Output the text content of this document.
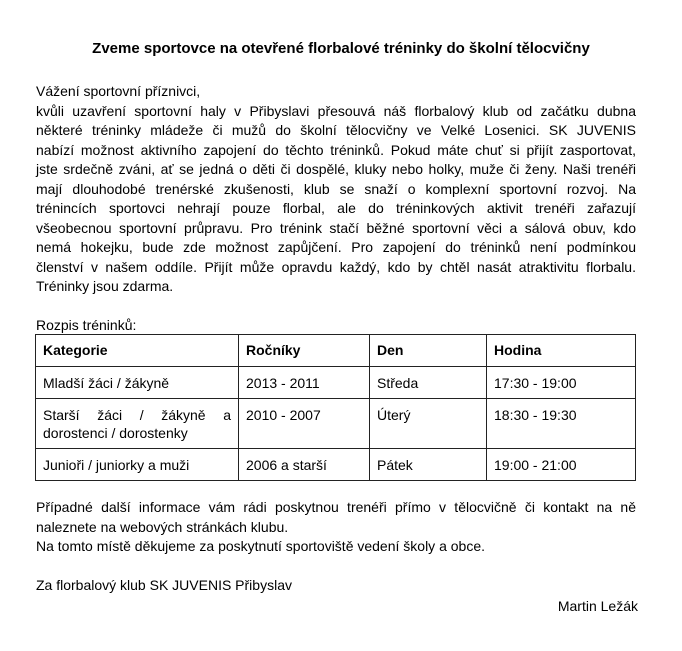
Zveme sportovce na otevřené florbalové tréninky do školní tělocvičny
Vážení sportovní příznivci,
kvůli uzavření sportovní haly v Přibyslavi přesouvá náš florbalový klub od začátku dubna
některé tréninky mládeže či mužů do školní tělocvičny ve Velké Losenici. SK JUVENIS
nabízí možnost aktivního zapojení do těchto tréninků. Pokud máte chuť si přijít zasportovat,
jste srdečně zváni, ať se jedná o děti či dospělé, kluky nebo holky, muže či ženy. Naši trenéři
mají dlouhodobé trenérské zkušenosti, klub se snaží o komplexní sportovní rozvoj. Na
trénincích sportovci nehrají pouze florbal, ale do tréninkových aktivit trenéři zařazují
všeobecnou sportovní průpravu. Pro trénink stačí běžné sportovní věci a sálová obuv, kdo
nemá hokejku, bude zde možnost zapůjčení. Pro zapojení do tréninků není podmínkou
členství v našem oddíle. Přijít může opravdu každý, kdo by chtěl nasát atraktivitu florbalu.
Tréninky jsou zdarma.
Rozpis tréninků:
Kategorie	Ročníky	Den	Hodina
Mladší žáci / žákyně	2013 - 2011	Středa	17:30 - 19:00

Starší žáci / žákyně a
dorostenci / dorostenky	2010 - 2007	Úterý	18:30 - 19:30
Junioři / juniorky a muži	2006 a starší	Pátek	19:00 - 21:00
Případné další informace vám rádi poskytnou trenéři přímo v tělocvičně či kontakt na ně
naleznete na webových stránkách klubu.
Na tomto místě děkujeme za poskytnutí sportoviště vedení školy a obce.
Za florbalový klub SK JUVENIS Přibyslav
Martin Ležák
